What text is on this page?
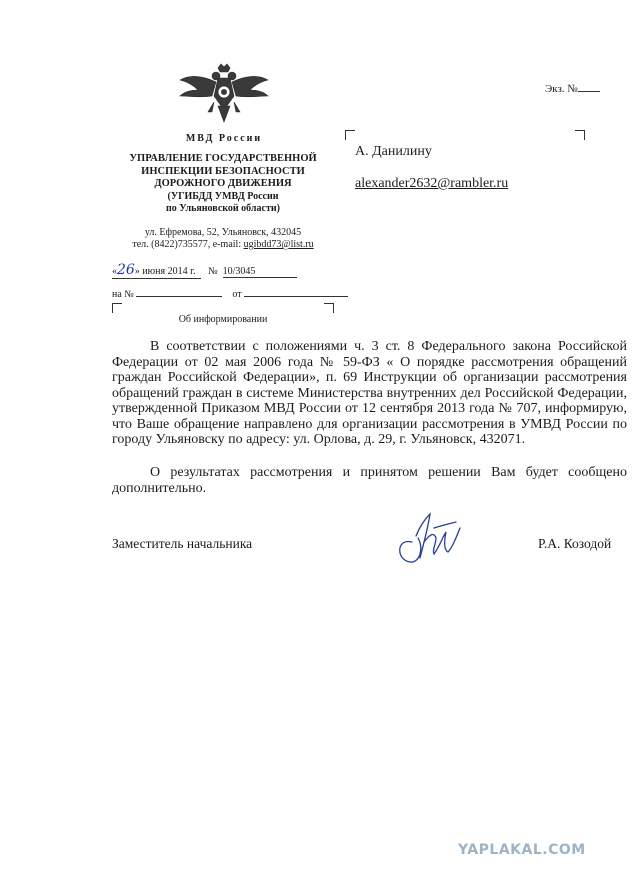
Экз. №
МВД России
УПРАВЛЕНИЕ ГОСУДАРСТВЕННОЙ
ИНСПЕКЦИИ БЕЗОПАСНОСТИ
ДОРОЖНОГО ДВИЖЕНИЯ
(УГИБДД УМВД России
по Ульяновской области)
ул. Ефремова, 52, Ульяновск, 432045
тел. (8422)735577, e-mail: ugibdd73@list.ru
«26» июня 2014 г. № 10/3045
на №	от
Об информировании
А. Данилину
alexander2632@rambler.ru

В соответствии с положениями ч. 3 ст. 8 Федерального закона Российской Федерации от 02 мая 2006 года № 59-ФЗ « О порядке рассмотрения обращений граждан Российской Федерации», п. 69 Инструкции об организации рассмотрения обращений граждан в системе Министерства внутренних дел Российской Федерации, утвержденной Приказом МВД России от 12 сентября 2013 года № 707, информирую, что Ваше обращение направлено для организации рассмотрения в УМВД России по городу Ульяновску по адресу: ул. Орлова, д. 29, г. Ульяновск, 432071.

О результатах рассмотрения и принятом решении Вам будет сообщено дополнительно.

Заместитель начальника	Р.А. Козодой
YAPLAKAL.COM
